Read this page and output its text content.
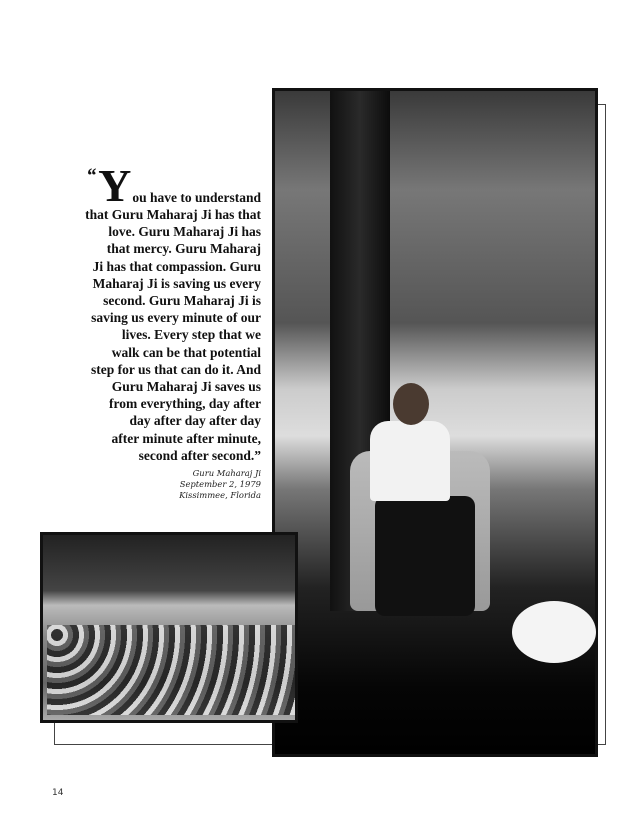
“ Y ou have to understand
that Guru Maharaj Ji has that
love. Guru Maharaj Ji has
that mercy. Guru Maharaj
Ji has that compassion. Guru
Maharaj Ji is saving us every
second. Guru Maharaj Ji is
saving us every minute of our
lives. Every step that we
walk can be that potential
step for us that can do it. And
Guru Maharaj Ji saves us
from everything, day after
day after day after day
after minute after minute,
second after second.”
Guru Maharaj Ji
September 2, 1979
Kissimmee, Florida
14
